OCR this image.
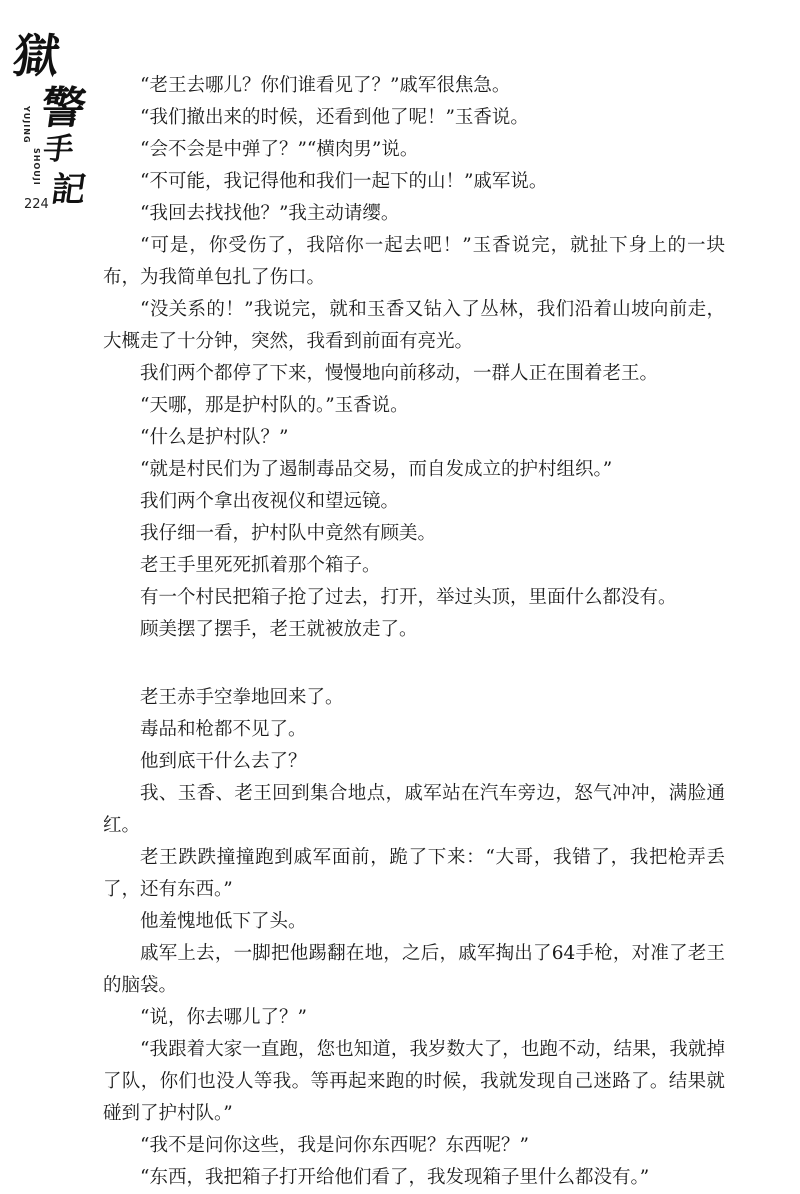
獄
警
手
記
YUJING
SHOUJI
224

“老王去哪儿？你们谁看见了？”戚军很焦急。

“我们撤出来的时候，还看到他了呢！”玉香说。

“会不会是中弹了？”“横肉男”说。

“不可能，我记得他和我们一起下的山！”戚军说。

“我回去找找他？”我主动请缨。

“可是，你受伤了，我陪你一起去吧！”玉香说完，就扯下身上的一块布，为我简单包扎了伤口。

“没关系的！”我说完，就和玉香又钻入了丛林，我们沿着山坡向前走，大概走了十分钟，突然，我看到前面有亮光。

我们两个都停了下来，慢慢地向前移动，一群人正在围着老王。

“天哪，那是护村队的。”玉香说。

“什么是护村队？”

“就是村民们为了遏制毒品交易，而自发成立的护村组织。”

我们两个拿出夜视仪和望远镜。

我仔细一看，护村队中竟然有顾美。

老王手里死死抓着那个箱子。

有一个村民把箱子抢了过去，打开，举过头顶，里面什么都没有。

顾美摆了摆手，老王就被放走了。

老王赤手空拳地回来了。

毒品和枪都不见了。

他到底干什么去了？

我、玉香、老王回到集合地点，戚军站在汽车旁边，怒气冲冲，满脸通红。

老王跌跌撞撞跑到戚军面前，跪了下来：“大哥，我错了，我把枪弄丢了，还有东西。”

他羞愧地低下了头。

戚军上去，一脚把他踢翻在地，之后，戚军掏出了64手枪，对准了老王的脑袋。

“说，你去哪儿了？”

“我跟着大家一直跑，您也知道，我岁数大了，也跑不动，结果，我就掉了队，你们也没人等我。等再起来跑的时候，我就发现自己迷路了。结果就碰到了护村队。”

“我不是问你这些，我是问你东西呢？东西呢？”

“东西，我把箱子打开给他们看了，我发现箱子里什么都没有。”
